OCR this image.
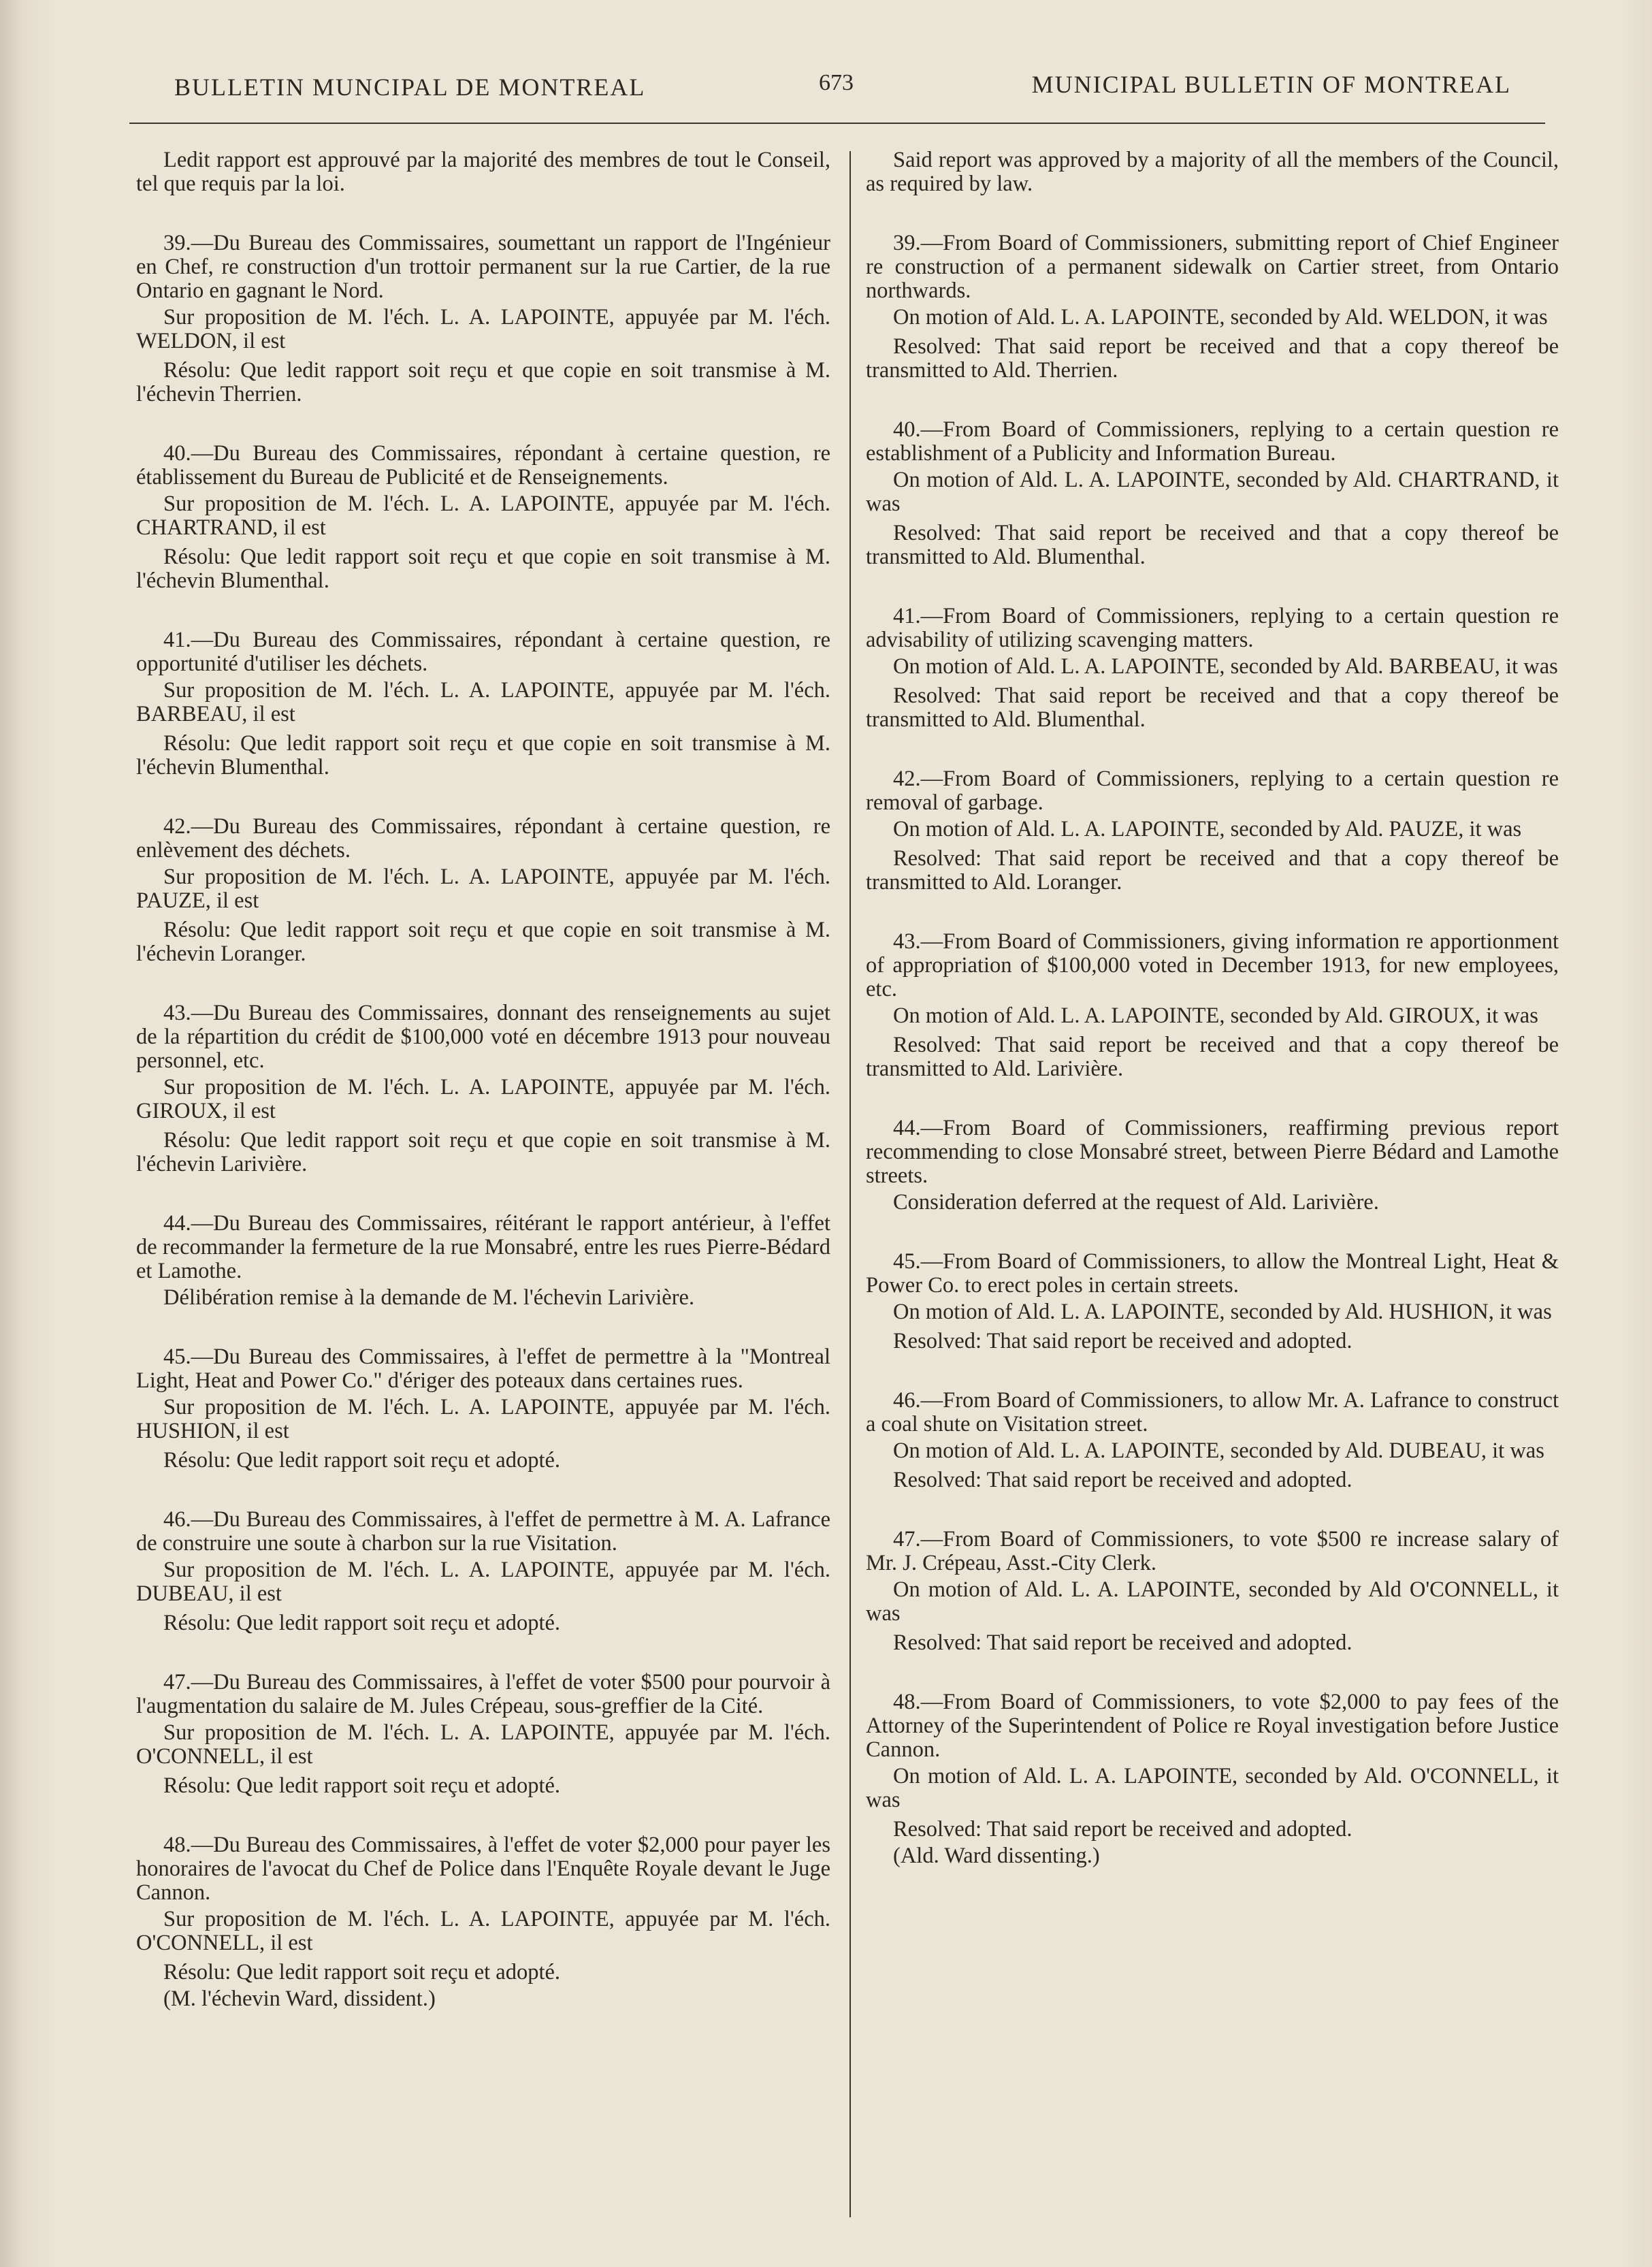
BULLETIN MUNCIPAL DE MONTREAL	673	MUNICIPAL BULLETIN OF MONTREAL

Ledit rapport est approuvé par la majorité des membres de tout le Conseil, tel que requis par la loi.

39.—Du Bureau des Commissaires, soumettant un rapport de l'Ingénieur en Chef, re construction d'un trottoir permanent sur la rue Cartier, de la rue Ontario en gagnant le Nord.

Sur proposition de M. l'éch. L. A. LAPOINTE, appuyée par M. l'éch. WELDON, il est

Résolu: Que ledit rapport soit reçu et que copie en soit transmise à M. l'échevin Therrien.

40.—Du Bureau des Commissaires, répondant à certaine question, re établissement du Bureau de Publicité et de Renseignements.

Sur proposition de M. l'éch. L. A. LAPOINTE, appuyée par M. l'éch. CHARTRAND, il est

Résolu: Que ledit rapport soit reçu et que copie en soit transmise à M. l'échevin Blumenthal.

41.—Du Bureau des Commissaires, répondant à certaine question, re opportunité d'utiliser les déchets.

Sur proposition de M. l'éch. L. A. LAPOINTE, appuyée par M. l'éch. BARBEAU, il est

Résolu: Que ledit rapport soit reçu et que copie en soit transmise à M. l'échevin Blumenthal.

42.—Du Bureau des Commissaires, répondant à certaine question, re enlèvement des déchets.

Sur proposition de M. l'éch. L. A. LAPOINTE, appuyée par M. l'éch. PAUZE, il est

Résolu: Que ledit rapport soit reçu et que copie en soit transmise à M. l'échevin Loranger.

43.—Du Bureau des Commissaires, donnant des renseignements au sujet de la répartition du crédit de $100,000 voté en décembre 1913 pour nouveau personnel, etc.

Sur proposition de M. l'éch. L. A. LAPOINTE, appuyée par M. l'éch. GIROUX, il est

Résolu: Que ledit rapport soit reçu et que copie en soit transmise à M. l'échevin Larivière.

44.—Du Bureau des Commissaires, réitérant le rapport antérieur, à l'effet de recommander la fermeture de la rue Monsabré, entre les rues Pierre-Bédard et Lamothe.

Délibération remise à la demande de M. l'échevin Larivière.

45.—Du Bureau des Commissaires, à l'effet de permettre à la "Montreal Light, Heat and Power Co." d'ériger des poteaux dans certaines rues.

Sur proposition de M. l'éch. L. A. LAPOINTE, appuyée par M. l'éch. HUSHION, il est

Résolu: Que ledit rapport soit reçu et adopté.

46.—Du Bureau des Commissaires, à l'effet de permettre à M. A. Lafrance de construire une soute à charbon sur la rue Visitation.

Sur proposition de M. l'éch. L. A. LAPOINTE, appuyée par M. l'éch. DUBEAU, il est

Résolu: Que ledit rapport soit reçu et adopté.

47.—Du Bureau des Commissaires, à l'effet de voter $500 pour pourvoir à l'augmentation du salaire de M. Jules Crépeau, sous-greffier de la Cité.

Sur proposition de M. l'éch. L. A. LAPOINTE, appuyée par M. l'éch. O'CONNELL, il est

Résolu: Que ledit rapport soit reçu et adopté.

48.—Du Bureau des Commissaires, à l'effet de voter $2,000 pour payer les honoraires de l'avocat du Chef de Police dans l'Enquête Royale devant le Juge Cannon.

Sur proposition de M. l'éch. L. A. LAPOINTE, appuyée par M. l'éch. O'CONNELL, il est

Résolu: Que ledit rapport soit reçu et adopté.

(M. l'échevin Ward, dissident.)

Said report was approved by a majority of all the members of the Council, as required by law.

39.—From Board of Commissioners, submitting report of Chief Engineer re construction of a permanent sidewalk on Cartier street, from Ontario northwards.

On motion of Ald. L. A. LAPOINTE, seconded by Ald. WELDON, it was

Resolved: That said report be received and that a copy thereof be transmitted to Ald. Therrien.

40.—From Board of Commissioners, replying to a certain question re establishment of a Publicity and Information Bureau.

On motion of Ald. L. A. LAPOINTE, seconded by Ald. CHARTRAND, it was

Resolved: That said report be received and that a copy thereof be transmitted to Ald. Blumenthal.

41.—From Board of Commissioners, replying to a certain question re advisability of utilizing scavenging matters.

On motion of Ald. L. A. LAPOINTE, seconded by Ald. BARBEAU, it was

Resolved: That said report be received and that a copy thereof be transmitted to Ald. Blumenthal.

42.—From Board of Commissioners, replying to a certain question re removal of garbage.

On motion of Ald. L. A. LAPOINTE, seconded by Ald. PAUZE, it was

Resolved: That said report be received and that a copy thereof be transmitted to Ald. Loranger.

43.—From Board of Commissioners, giving information re apportionment of appropriation of $100,000 voted in December 1913, for new employees, etc.

On motion of Ald. L. A. LAPOINTE, seconded by Ald. GIROUX, it was

Resolved: That said report be received and that a copy thereof be transmitted to Ald. Larivière.

44.—From Board of Commissioners, reaffirming previous report recommending to close Monsabré street, between Pierre Bédard and Lamothe streets.

Consideration deferred at the request of Ald. Larivière.

45.—From Board of Commissioners, to allow the Montreal Light, Heat & Power Co. to erect poles in certain streets.

On motion of Ald. L. A. LAPOINTE, seconded by Ald. HUSHION, it was

Resolved: That said report be received and adopted.

46.—From Board of Commissioners, to allow Mr. A. Lafrance to construct a coal shute on Visitation street.

On motion of Ald. L. A. LAPOINTE, seconded by Ald. DUBEAU, it was

Resolved: That said report be received and adopted.

47.—From Board of Commissioners, to vote $500 re increase salary of Mr. J. Crépeau, Asst.-City Clerk.

On motion of Ald. L. A. LAPOINTE, seconded by Ald O'CONNELL, it was

Resolved: That said report be received and adopted.

48.—From Board of Commissioners, to vote $2,000 to pay fees of the Attorney of the Superintendent of Police re Royal investigation before Justice Cannon.

On motion of Ald. L. A. LAPOINTE, seconded by Ald. O'CONNELL, it was

Resolved: That said report be received and adopted.

(Ald. Ward dissenting.)
